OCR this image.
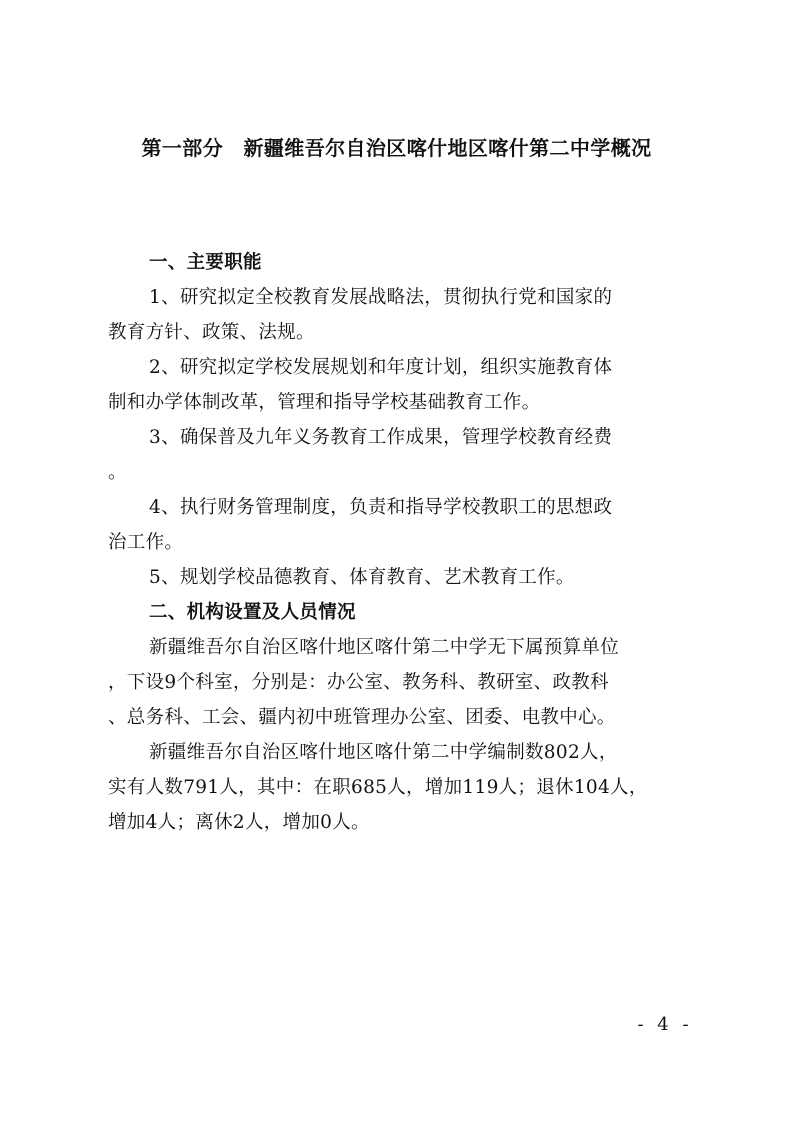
第一部分　新疆维吾尔自治区喀什地区喀什第二中学概况
一、主要职能
1、研究拟定全校教育发展战略法，贯彻执行党和国家的
教育方针、政策、法规。
2、研究拟定学校发展规划和年度计划，组织实施教育体
制和办学体制改革，管理和指导学校基础教育工作。
3、确保普及九年义务教育工作成果，管理学校教育经费
。
4、执行财务管理制度，负责和指导学校教职工的思想政
治工作。
5、规划学校品德教育、体育教育、艺术教育工作。
二、机构设置及人员情况
新疆维吾尔自治区喀什地区喀什第二中学无下属预算单位
，下设9个科室，分别是：办公室、教务科、教研室、政教科
、总务科、工会、疆内初中班管理办公室、团委、电教中心。
新疆维吾尔自治区喀什地区喀什第二中学编制数802人，
实有人数791人，其中：在职685人，增加119人；退休104人，
增加4人；离休2人，增加0人。
- 4 -
